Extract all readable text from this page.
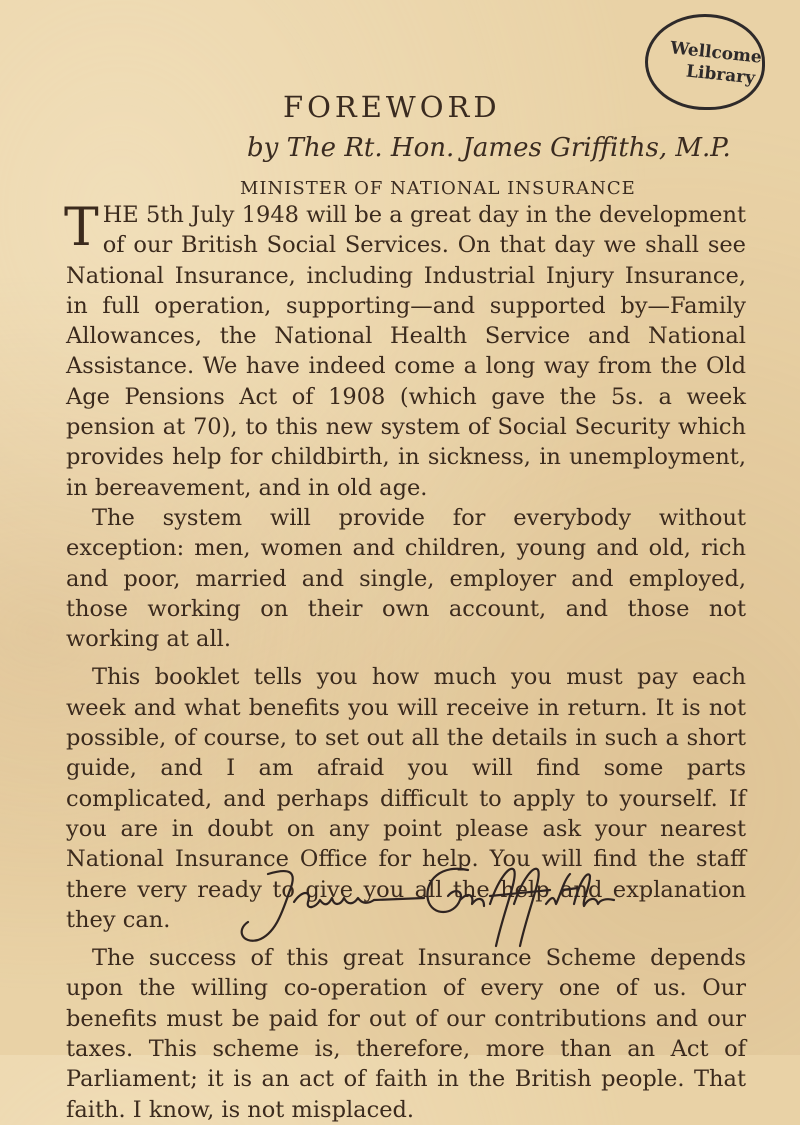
Wellcome
Library
FOREWORD
by The Rt. Hon. James Griffiths, M.P.
MINISTER OF NATIONAL INSURANCE

THE 5th July 1948 will be a great day in the development of our British Social Services. On that day we shall see National Insurance, including Industrial Injury Insurance, in full operation, supporting—and supported by—Family Allowances, the National Health Service and National Assistance. We have indeed come a long way from the Old Age Pensions Act of 1908 (which gave the 5s. a week pension at 70), to this new system of Social Security which provides help for childbirth, in sickness, in unemployment, in bereavement, and in old age.

The system will provide for everybody without exception: men, women and children, young and old, rich and poor, married and single, employer and employed, those working on their own account, and those not working at all.

This booklet tells you how much you must pay each week and what benefits you will receive in return. It is not possible, of course, to set out all the details in such a short guide, and I am afraid you will find some parts complicated, and perhaps difficult to apply to yourself. If you are in doubt on any point please ask your nearest National Insurance Office for help. You will find the staff there very ready to give you all the help and explanation they can.

The success of this great Insurance Scheme depends upon the willing co-operation of every one of us. Our benefits must be paid for out of our contributions and our taxes. This scheme is, therefore, more than an Act of Parliament; it is an act of faith in the British people. That faith. I know, is not misplaced.
